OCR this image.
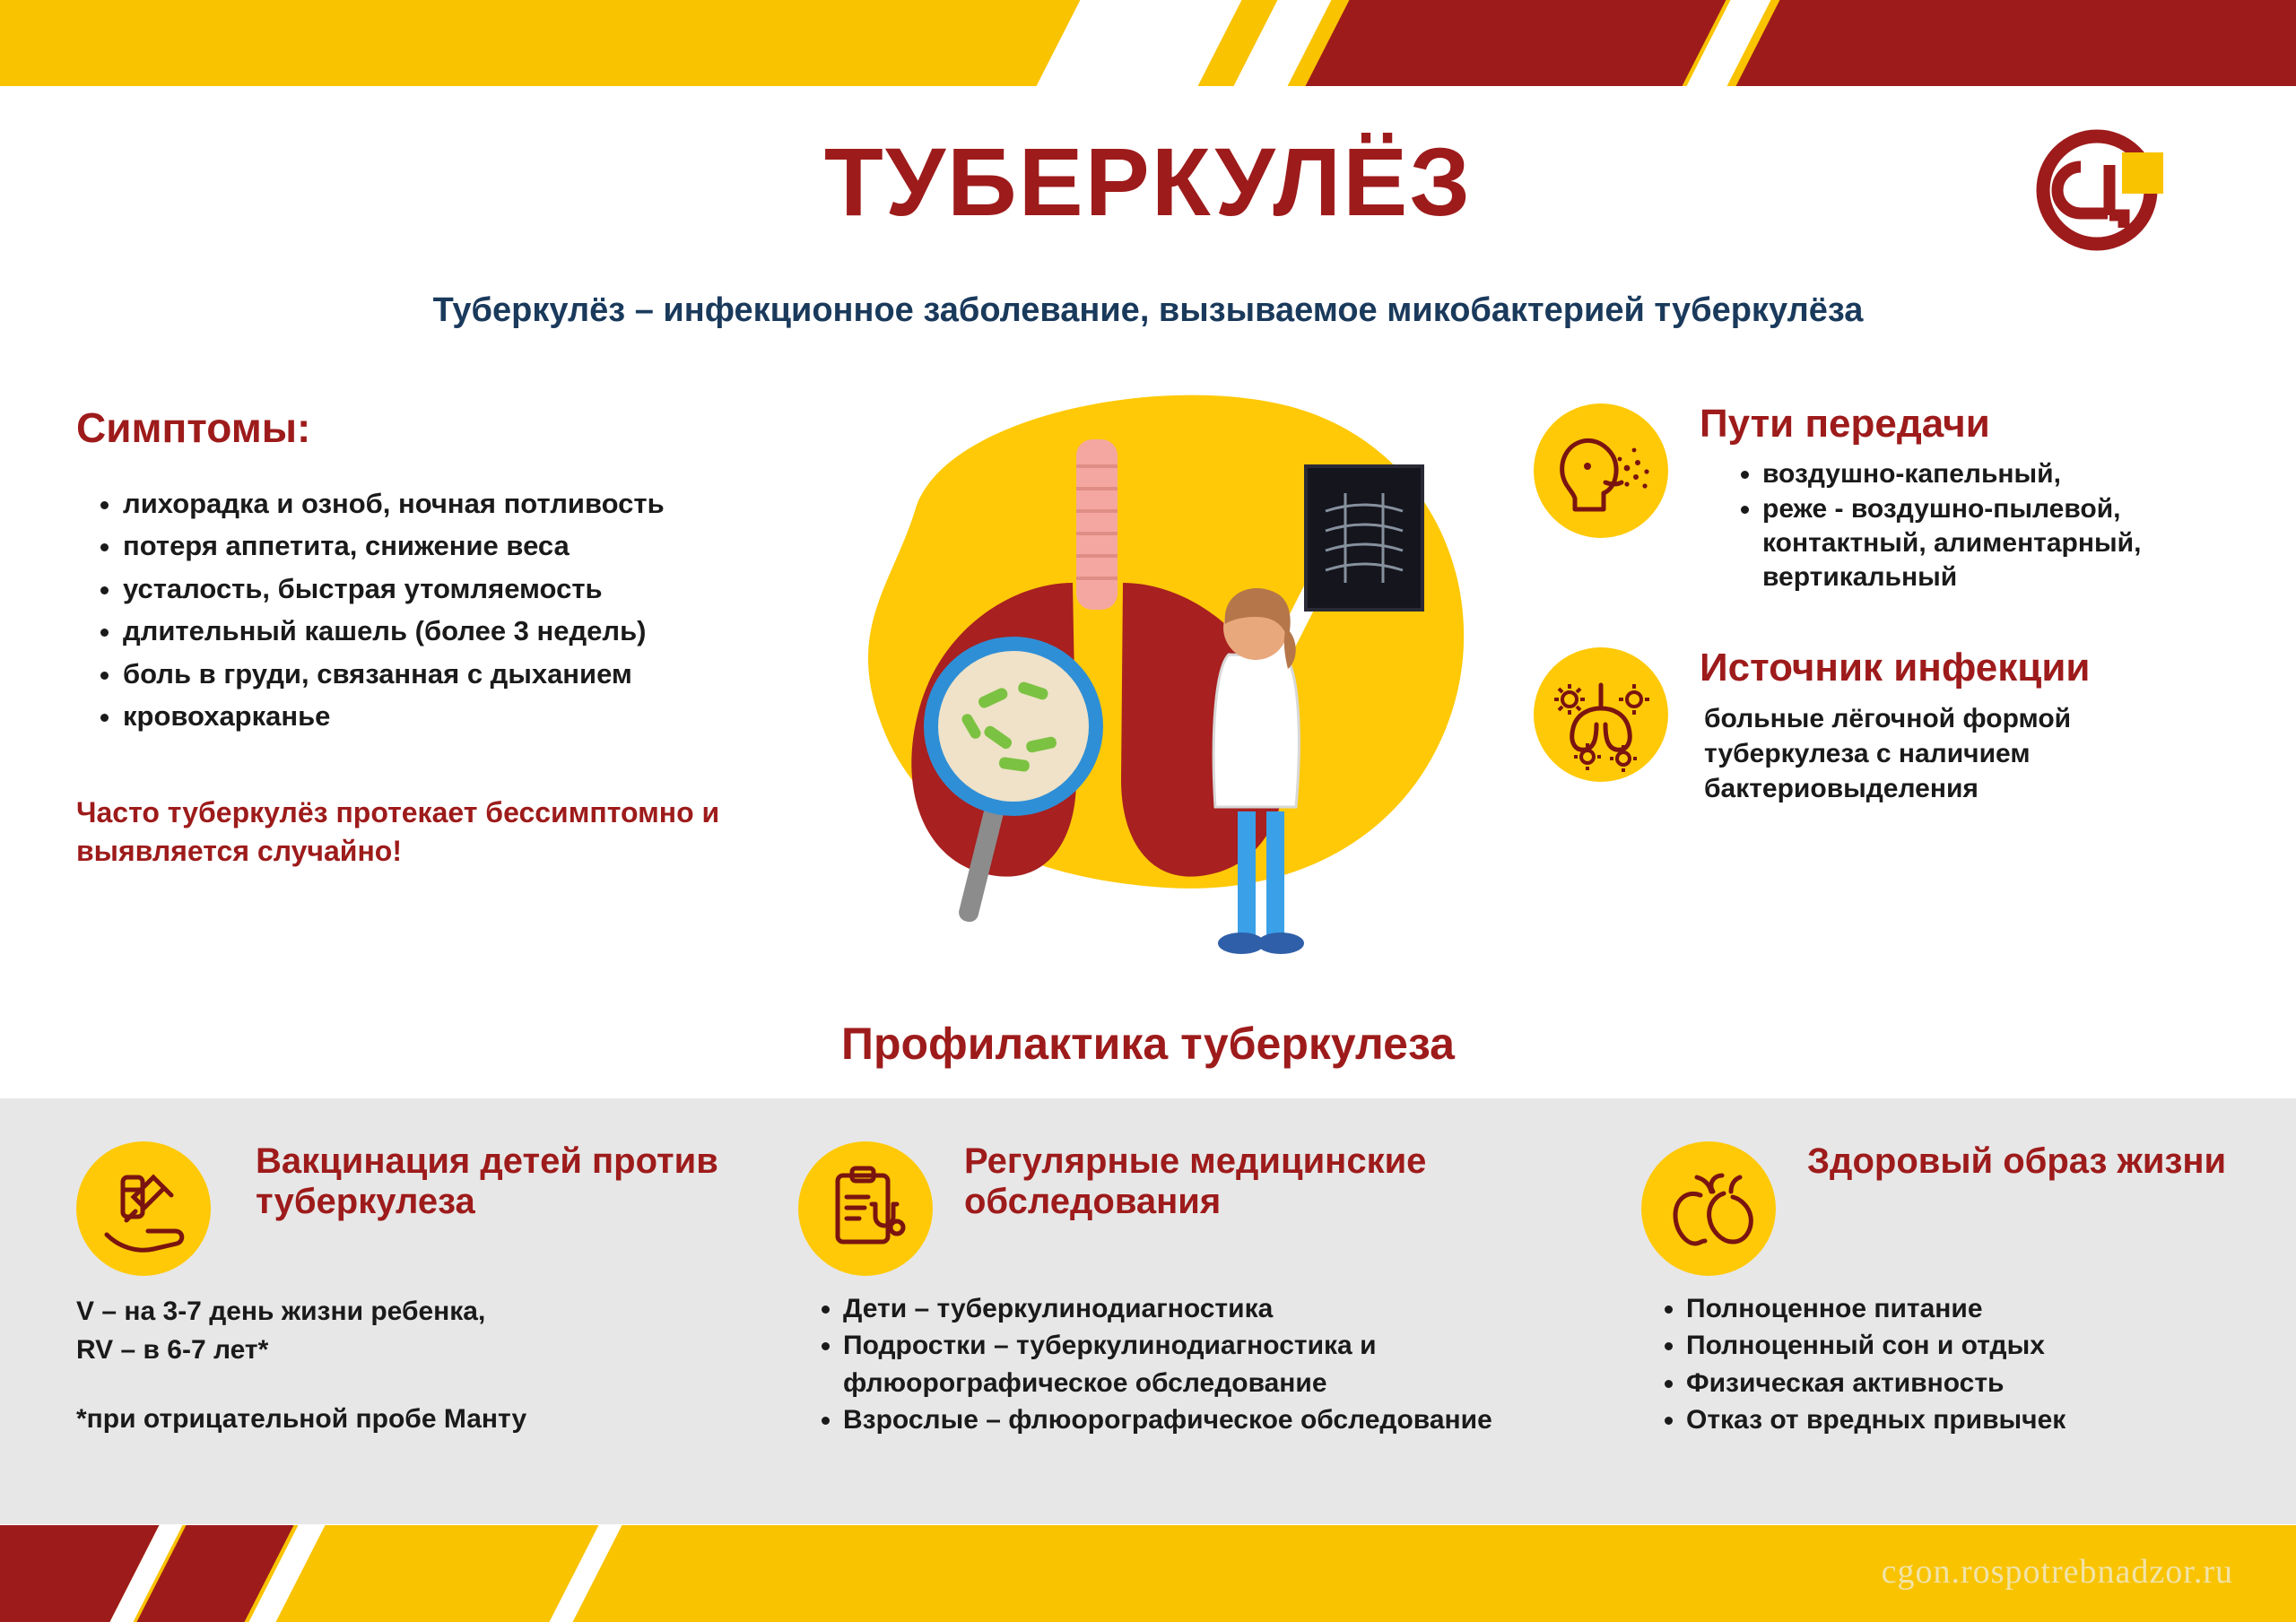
ТУБЕРКУЛЁЗ
Туберкулёз – инфекционное заболевание, вызываемое микобактерией туберкулёза
Симптомы:
• лихорадка и озноб, ночная потливость
• потеря аппетита, снижение веса
• усталость, быстрая утомляемость
• длительный кашель (более 3 недель)
• боль в груди, связанная с дыханием
• кровохарканье
Часто туберкулёз протекает бессимптомно и выявляется случайно!
Пути передачи
• воздушно-капельный,
• реже - воздушно-пылевой, контактный, алиментарный, вертикальный
Источник инфекции
больные лёгочной формой туберкулеза с наличием бактериовыделения
Профилактика туберкулеза
Вакцинация детей против туберкулеза
V – на 3-7 день жизни ребенка,
RV – в 6-7 лет*
*при отрицательной пробе Манту
Регулярные медицинские обследования
• Дети – туберкулинодиагностика
• Подростки – туберкулинодиагностика и флюорографическое обследование
• Взрослые – флюорографическое обследование
Здоровый образ жизни
• Полноценное питание
• Полноценный сон и отдых
• Физическая активность
• Отказ от вредных привычек
cgon.rospotrebnadzor.ru
